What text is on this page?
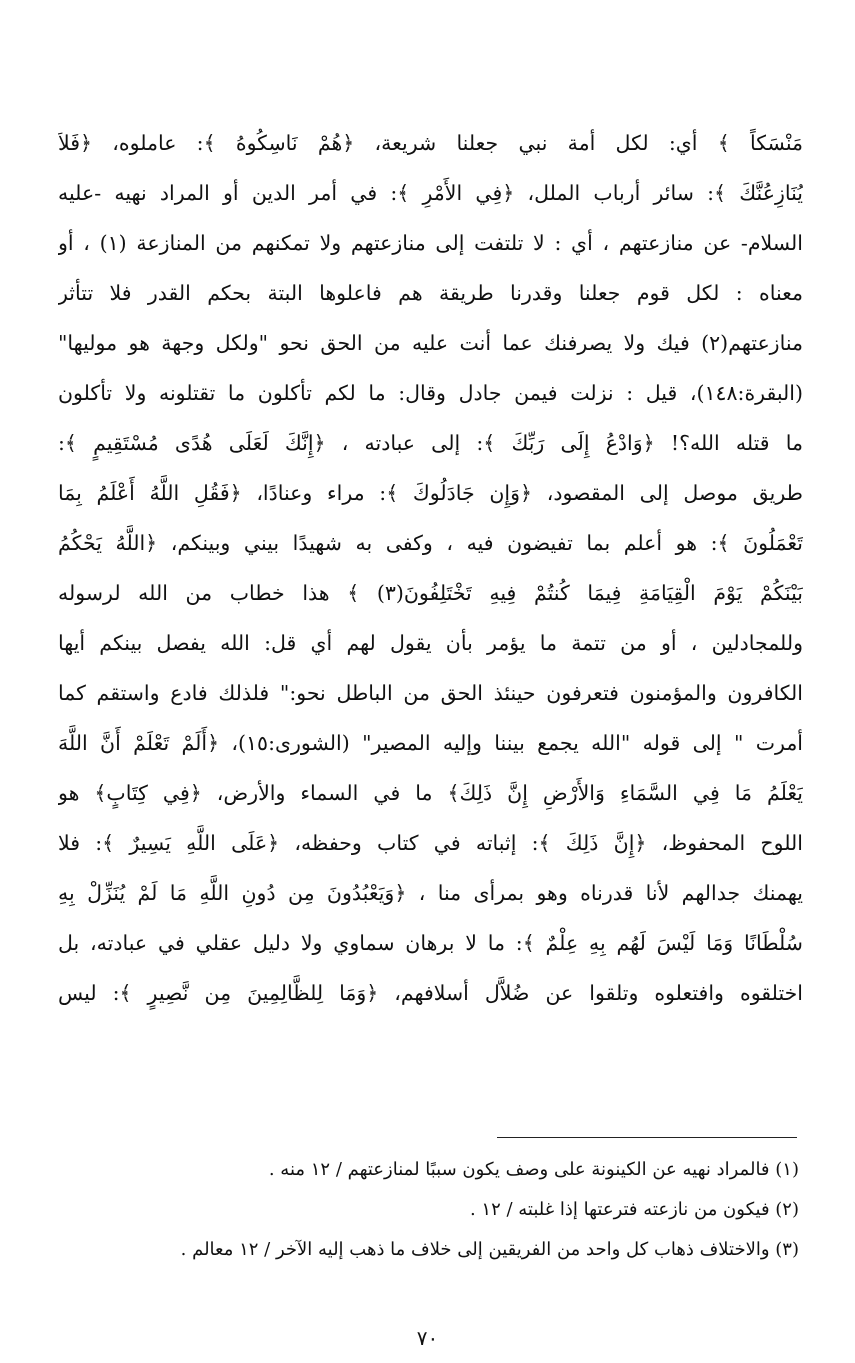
مَنْسَكاً ﴾ أي: لكل أمة نبي جعلنا شريعة، ﴿هُمْ نَاسِكُوهُ ﴾: عاملوه، ﴿فَلاَ
يُنَازِعُنَّكَ ﴾: سائر أرباب الملل، ﴿فِي الأَمْرِ ﴾: في أمر الدين أو المراد نهيه -عليه
السلام- عن منازعتهم ، أي : لا تلتفت إلى منازعتهم ولا تمكنهم من المنازعة (١) ، أو
معناه : لكل قوم جعلنا وقدرنا طريقة هم فاعلوها البتة بحكم القدر فلا تتأثر
منازعتهم(٢) فيك ولا يصرفنك عما أنت عليه من الحق نحو "ولكل وجهة هو موليها"
(البقرة:١٤٨)، قيل : نزلت فيمن جادل وقال: ما لكم تأكلون ما تقتلونه ولا تأكلون
ما قتله الله؟! ﴿وَادْعُ إِلَى رَبِّكَ ﴾: إلى عبادته ، ﴿إِنَّكَ لَعَلَى هُدًى مُسْتَقِيمٍ ﴾:
طريق موصل إلى المقصود، ﴿وَإِن جَادَلُوكَ ﴾: مراء وعنادًا، ﴿فَقُلِ اللَّهُ أَعْلَمُ بِمَا
تَعْمَلُونَ ﴾: هو أعلم بما تفيضون فيه ، وكفى به شهيدًا بيني وبينكم، ﴿اللَّهُ يَحْكُمُ
بَيْنَكُمْ يَوْمَ الْقِيَامَةِ فِيمَا كُنتُمْ فِيهِ تَخْتَلِفُونَ(٣) ﴾ هذا خطاب من الله لرسوله
وللمجادلين ، أو من تتمة ما يؤمر بأن يقول لهم أي قل: الله يفصل بينكم أيها
الكافرون والمؤمنون فتعرفون حينئذ الحق من الباطل نحو:" فلذلك فادع واستقم كما
أمرت " إلى قوله "الله يجمع بيننا وإليه المصير" (الشورى:١٥)، ﴿أَلَمْ تَعْلَمْ أَنَّ اللَّهَ
يَعْلَمُ مَا فِي السَّمَاءِ وَالأَرْضِ إِنَّ ذَلِكَ﴾ ما في السماء والأرض، ﴿فِي كِتَابٍ﴾ هو
اللوح المحفوظ، ﴿إِنَّ ذَلِكَ ﴾: إثباته في كتاب وحفظه، ﴿عَلَى اللَّهِ يَسِيرٌ ﴾: فلا
يهمنك جدالهم لأنا قدرناه وهو بمرأى منا ، ﴿وَيَعْبُدُونَ مِن دُونِ اللَّهِ مَا لَمْ يُنَزِّلْ بِهِ
سُلْطَانًا وَمَا لَيْسَ لَهُم بِهِ عِلْمٌ ﴾: ما لا برهان سماوي ولا دليل عقلي في عبادته، بل
اختلقوه وافتعلوه وتلقوا عن ضُلاَّل أسلافهم، ﴿وَمَا لِلظَّالِمِينَ مِن نَّصِيرٍ ﴾: ليس
(١) فالمراد نهيه عن الكينونة على وصف يكون سببًا لمنازعتهم / ١٢ منه .
(٢) فيكون من نازعته فترعتها إذا غلبته / ١٢ .
(٣) والاختلاف ذهاب كل واحد من الفريقين إلى خلاف ما ذهب إليه الآخر / ١٢ معالم .
٧٠
